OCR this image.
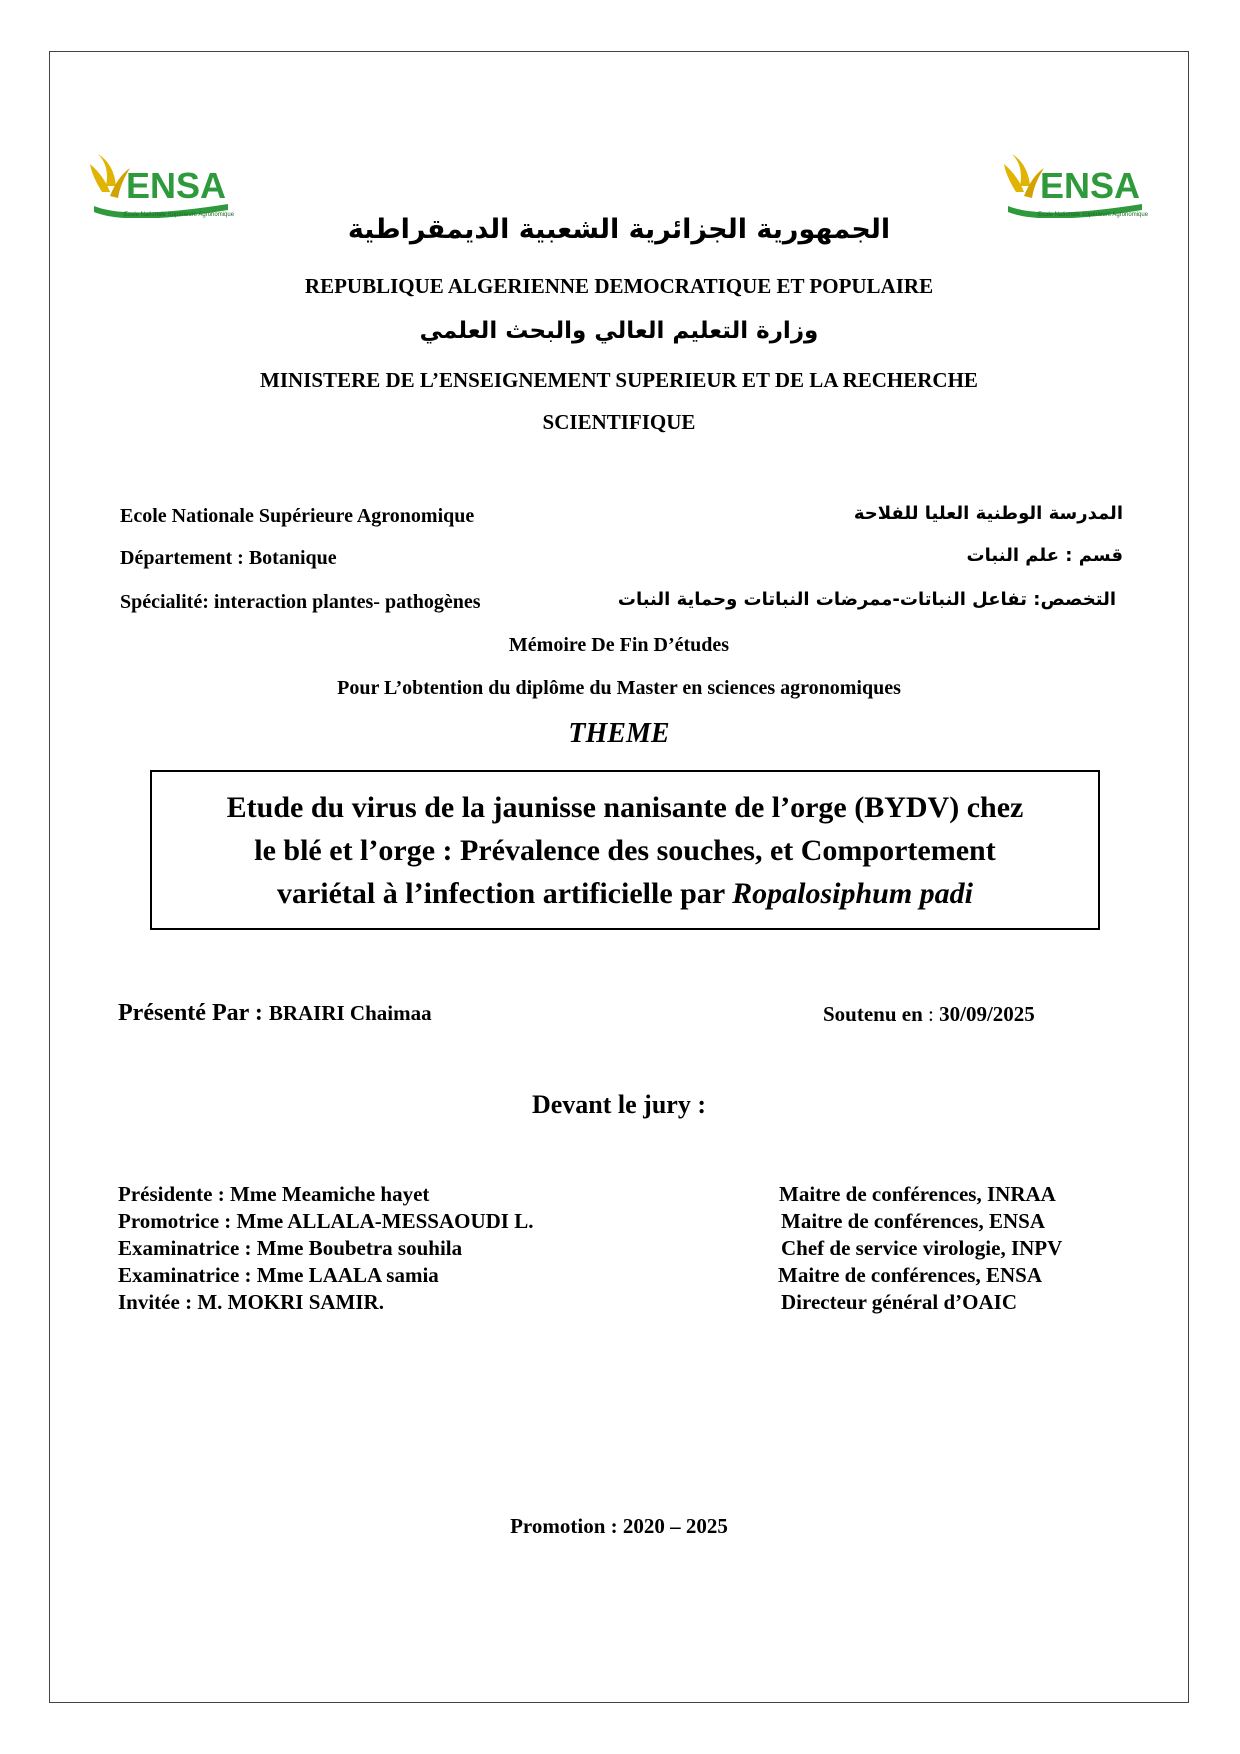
ENSA
Ecole Nationale Supérieure Agronomique
ENSA
Ecole Nationale Supérieure Agronomique
الجمهورية الجزائرية الشعبية الديمقراطية
REPUBLIQUE ALGERIENNE DEMOCRATIQUE ET POPULAIRE
وزارة التعليم العالي والبحث العلمي
MINISTERE DE L’ENSEIGNEMENT SUPERIEUR ET DE LA RECHERCHE
SCIENTIFIQUE
Ecole Nationale Supérieure Agronomique	المدرسة الوطنية العليا للفلاحة
Département : Botanique	قسم : علم النبات
Spécialité: interaction plantes- pathogènes	التخصص: تفاعل النباتات-ممرضات النباتات وحماية النبات
Mémoire De Fin D’études
Pour L’obtention du diplôme du Master en sciences agronomiques
THEME
Etude du virus de la jaunisse nanisante de l’orge (BYDV) chez
le blé et l’orge : Prévalence des souches, et Comportement
variétal à l’infection artificielle par Ropalosiphum padi
Présenté Par : BRAIRI Chaimaa	Soutenu en : 30/09/2025
Devant le jury :
Présidente : Mme Meamiche hayet	Maitre de conférences, INRAA
Promotrice : Mme ALLALA-MESSAOUDI L.	Maitre de conférences, ENSA
Examinatrice : Mme Boubetra souhila	Chef de service virologie, INPV
Examinatrice : Mme LAALA samia	Maitre de conférences, ENSA
Invitée : M. MOKRI SAMIR.	Directeur général d’OAIC
Promotion : 2020 – 2025
